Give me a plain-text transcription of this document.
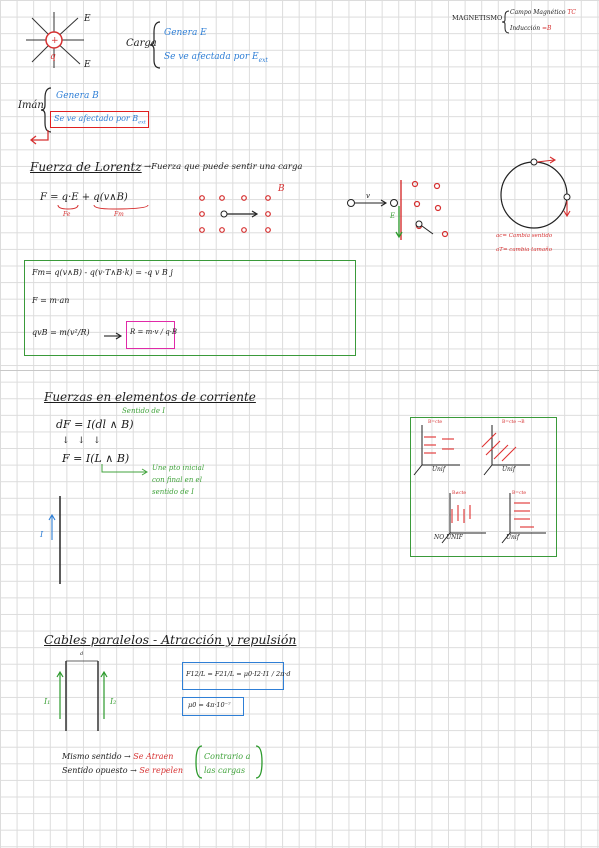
+
q
E
E
Carga
Genera E
Se ve afectada por $E_{ext}$
MAGNETISMO
Campo Magnético TC
Inducción =B
Imán
Genera B
Se ve afectado por $B_{ext}$
Fuerza de Lorentz →Fuerza que puede sentir una carga
F = q·E + q(v∧B)
Fe	Fm
B
v
E
ac= Cambia sentido
aT= cambia tamaño
Fm= q(v∧B) - q(v·T∧B·k) = -q v B j
F = m·an
qvB = m(v²/R)	R = m·v / q·B
Fuerzas en elementos de corriente
Sentido de I
dF = I(dl ∧ B)
↓↓↓
F = I(L ∧ B)
Une pto inicial
con final en el
sentido de I
I
B=cte	B=cte →B
B≠cte	B=cte
Unif	Unif
NO UNIF	Unif
Cables paralelos - Atracción y repulsión
d
I₁	I₂
F12/L = F21/L = μ0·I2·I1 / 2π·d
μ0 = 4π·10⁻⁷
Mismo sentido → Se Atraen
Sentido opuesto → Se repelen
Contrario a
las cargas
